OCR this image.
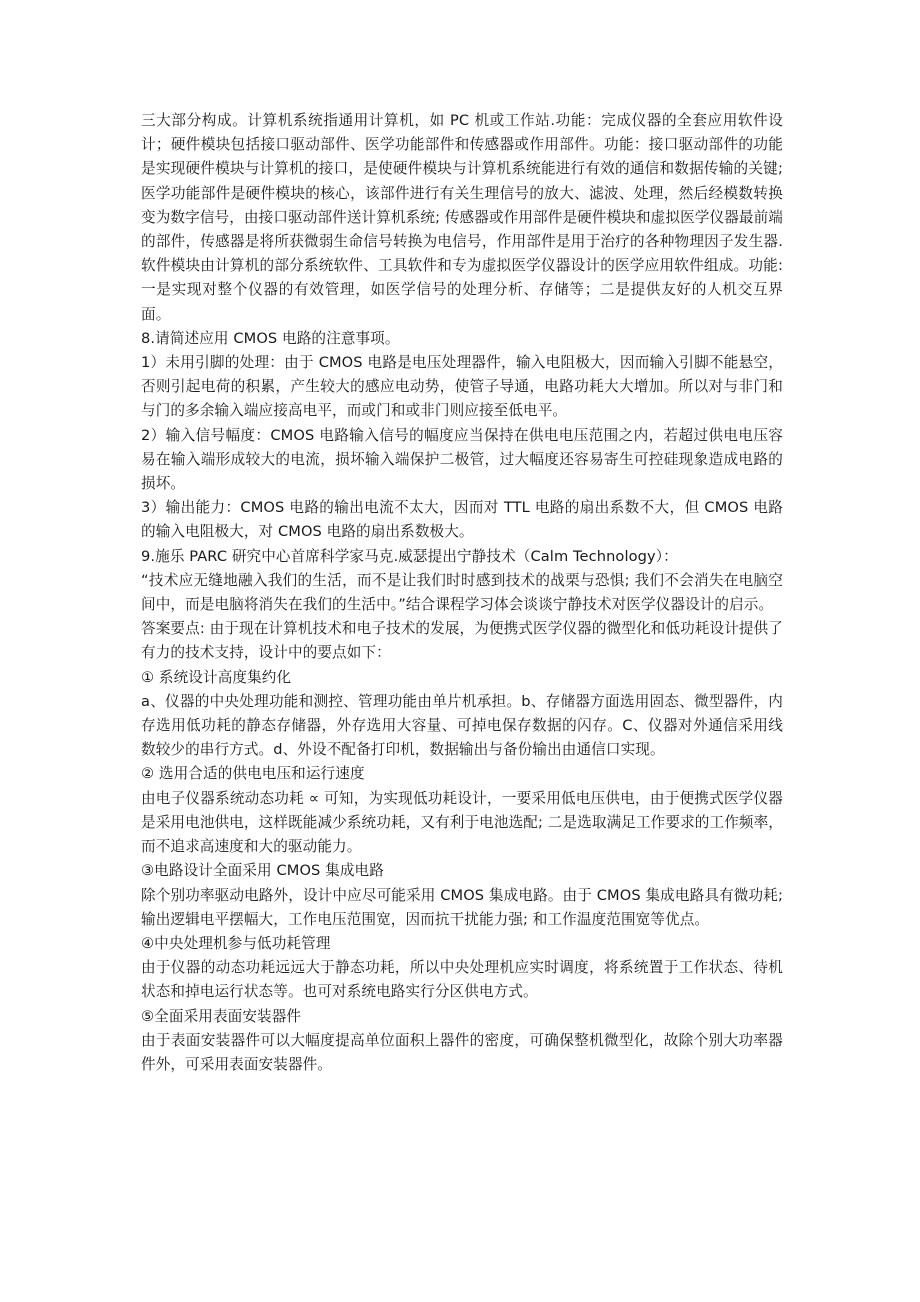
三大部分构成。计算机系统指通用计算机，如 PC 机或工作站.功能：完成仪器的全套应用软件设计；硬件模块包括接口驱动部件、医学功能部件和传感器或作用部件。功能：接口驱动部件的功能是实现硬件模块与计算机的接口，是使硬件模块与计算机系统能进行有效的通信和数据传输的关键; 医学功能部件是硬件模块的核心，该部件进行有关生理信号的放大、滤波、处理，然后经模数转换变为数字信号，由接口驱动部件送计算机系统; 传感器或作用部件是硬件模块和虚拟医学仪器最前端的部件，传感器是将所获微弱生命信号转换为电信号，作用部件是用于治疗的各种物理因子发生器. 软件模块由计算机的部分系统软件、工具软件和专为虚拟医学仪器设计的医学应用软件组成。功能: 一是实现对整个仪器的有效管理，如医学信号的处理分析、存储等；二是提供友好的人机交互界面。

8.请简述应用 CMOS 电路的注意事项。

1）未用引脚的处理：由于 CMOS 电路是电压处理器件，输入电阻极大，因而输入引脚不能悬空，否则引起电荷的积累，产生较大的感应电动势，使管子导通，电路功耗大大增加。所以对与非门和与门的多余输入端应接高电平，而或门和或非门则应接至低电平。

2）输入信号幅度：CMOS 电路输入信号的幅度应当保持在供电电压范围之内，若超过供电电压容易在输入端形成较大的电流，损坏输入端保护二极管，过大幅度还容易寄生可控硅现象造成电路的损坏。

3）输出能力：CMOS 电路的输出电流不太大，因而对 TTL 电路的扇出系数不大，但 CMOS 电路的输入电阻极大，对 CMOS 电路的扇出系数极大。

9.施乐 PARC 研究中心首席科学家马克.威瑟提出宁静技术（Calm Technology）：

“技术应无缝地融入我们的生活，而不是让我们时时感到技术的战栗与恐惧; 我们不会消失在电脑空间中，而是电脑将消失在我们的生活中。”结合课程学习体会谈谈宁静技术对医学仪器设计的启示。

答案要点: 由于现在计算机技术和电子技术的发展，为便携式医学仪器的微型化和低功耗设计提供了有力的技术支持，设计中的要点如下：

① 系统设计高度集约化

a、仪器的中央处理功能和测控、管理功能由单片机承担。b、存储器方面选用固态、微型器件，内存选用低功耗的静态存储器，外存选用大容量、可掉电保存数据的闪存。C、仪器对外通信采用线数较少的串行方式。d、外设不配备打印机，数据输出与备份输出由通信口实现。

② 选用合适的供电电压和运行速度

由电子仪器系统动态功耗 ∝ 可知，为实现低功耗设计，一要采用低电压供电，由于便携式医学仪器是采用电池供电，这样既能减少系统功耗，又有利于电池选配; 二是选取满足工作要求的工作频率，而不追求高速度和大的驱动能力。

③电路设计全面采用 CMOS 集成电路

除个别功率驱动电路外，设计中应尽可能采用 CMOS 集成电路。由于 CMOS 集成电路具有微功耗; 输出逻辑电平摆幅大，工作电压范围宽，因而抗干扰能力强; 和工作温度范围宽等优点。

④中央处理机参与低功耗管理

由于仪器的动态功耗远远大于静态功耗，所以中央处理机应实时调度，将系统置于工作状态、待机状态和掉电运行状态等。也可对系统电路实行分区供电方式。

⑤全面采用表面安装器件

由于表面安装器件可以大幅度提高单位面积上器件的密度，可确保整机微型化，故除个别大功率器件外，可采用表面安装器件。
